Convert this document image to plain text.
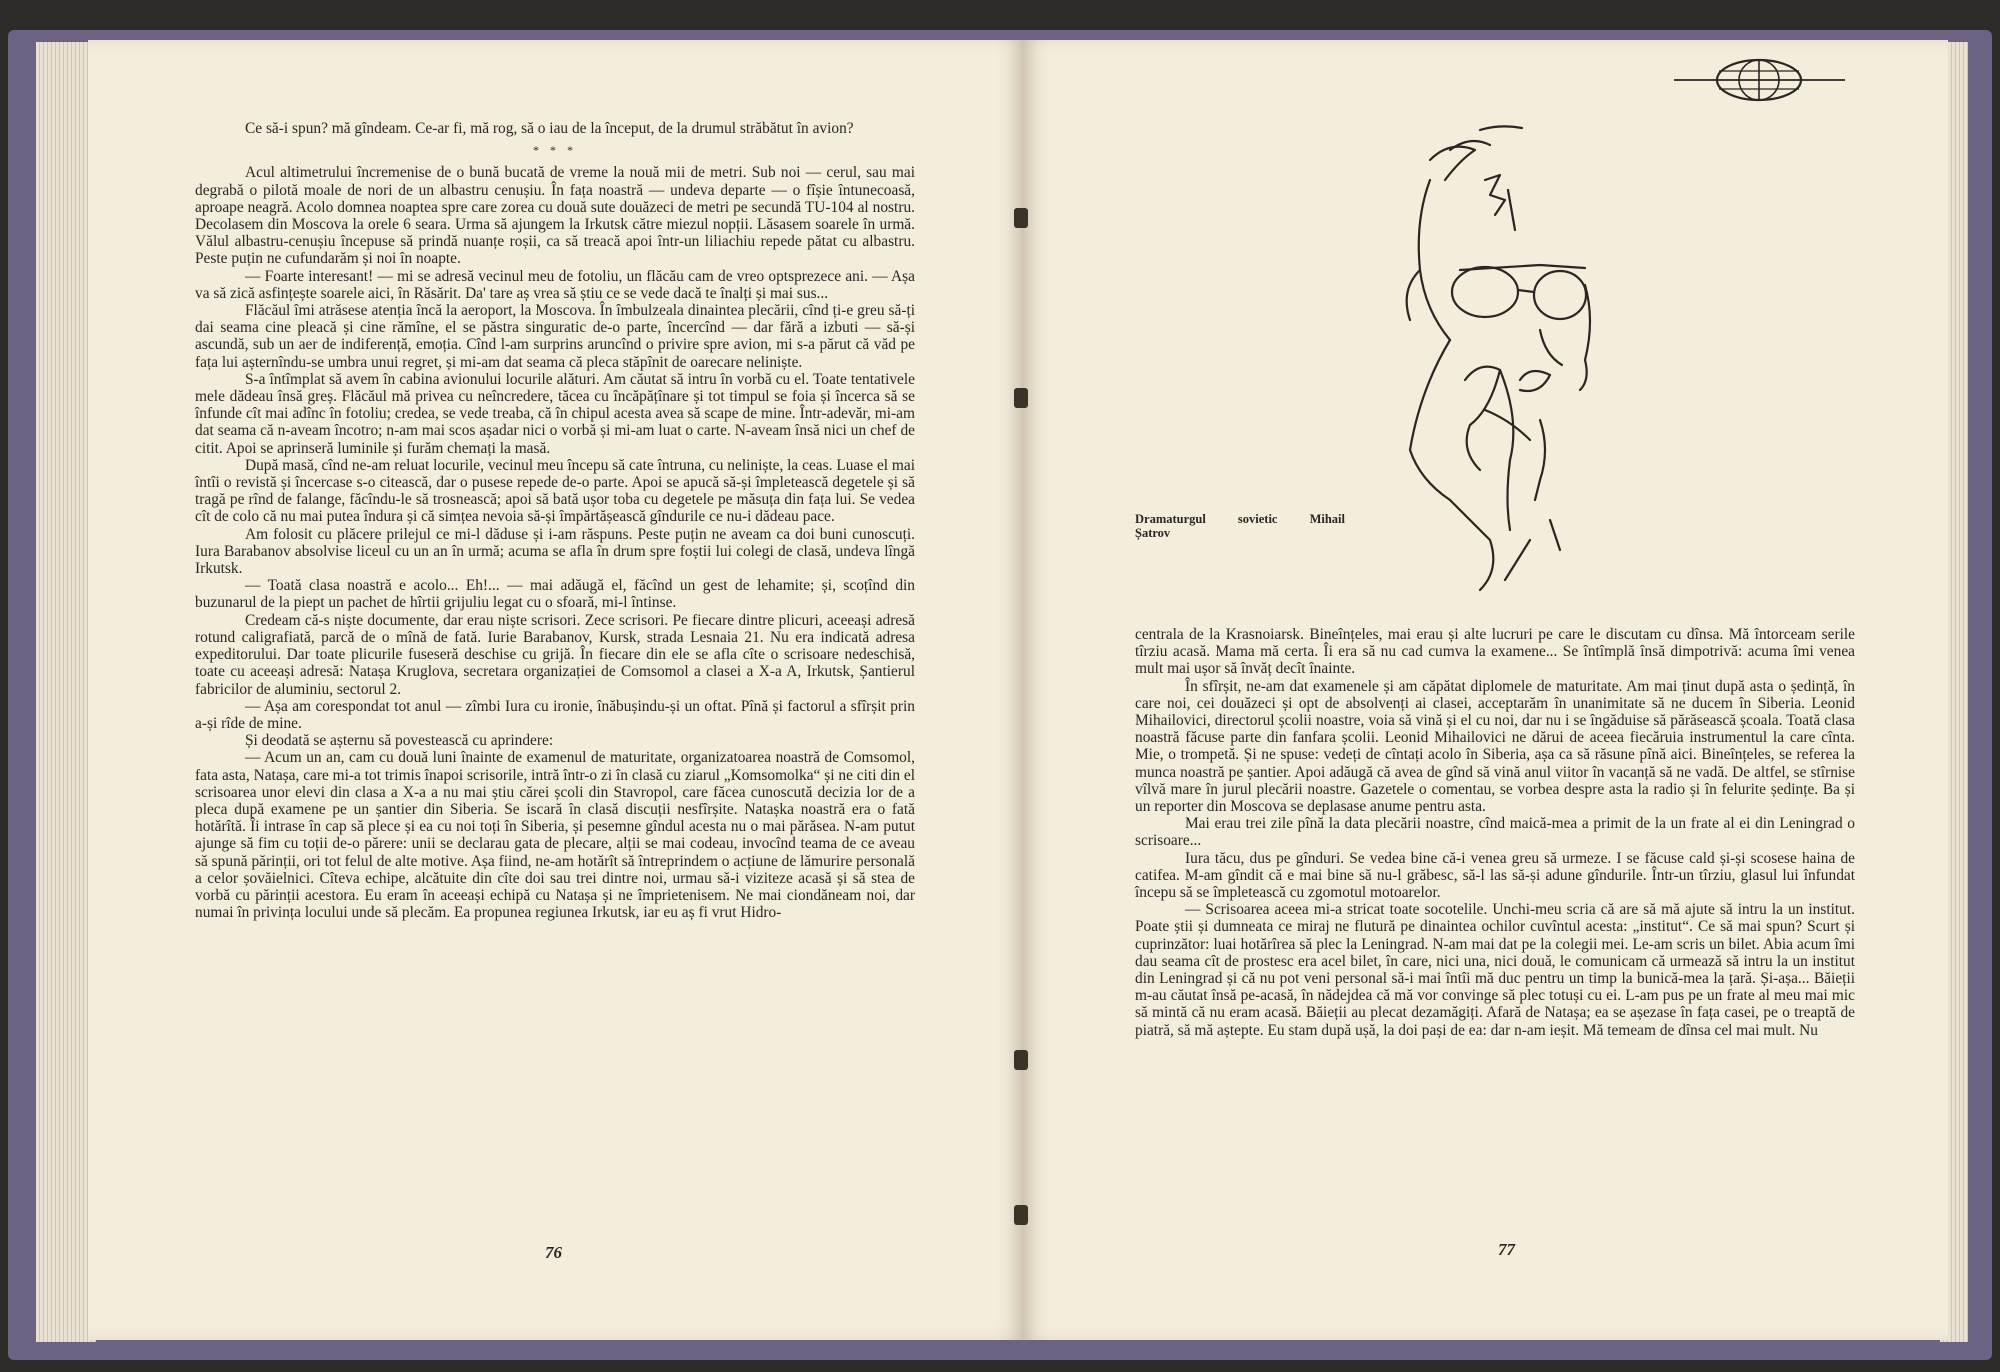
Ce să-i spun? mă gîndeam. Ce-ar fi, mă rog, să o iau de la început, de la drumul străbătut în avion?

* * *

Acul altimetrului încremenise de o bună bucată de vreme la nouă mii de metri. Sub noi — cerul, sau mai degrabă o pilotă moale de nori de un albastru cenușiu. În fața noastră — undeva departe — o fîșie întunecoasă, aproape neagră. Acolo domnea noaptea spre care zorea cu două sute douăzeci de metri pe secundă TU-104 al nostru. Decolasem din Moscova la orele 6 seara. Urma să ajungem la Irkutsk către miezul nopții. Lăsasem soarele în urmă. Vălul albastru-cenușiu începuse să prindă nuanțe roșii, ca să treacă apoi într-un liliachiu repede pătat cu albastru. Peste puțin ne cufundarăm și noi în noapte.

— Foarte interesant! — mi se adresă vecinul meu de fotoliu, un flăcău cam de vreo optsprezece ani. — Așa va să zică asfințește soarele aici, în Răsărit. Da' tare aș vrea să știu ce se vede dacă te înalți și mai sus...

Flăcăul îmi atrăsese atenția încă la aeroport, la Moscova. În îmbulzeala dinaintea plecării, cînd ți-e greu să-ți dai seama cine pleacă și cine rămîne, el se păstra singuratic de-o parte, încercînd — dar fără a izbuti — să-și ascundă, sub un aer de indiferență, emoția. Cînd l-am surprins aruncînd o privire spre avion, mi s-a părut că văd pe fața lui așternîndu-se umbra unui regret, și mi-am dat seama că pleca stăpînit de oarecare neliniște.

S-a întîmplat să avem în cabina avionului locurile alături. Am căutat să intru în vorbă cu el. Toate tentativele mele dădeau însă greș. Flăcăul mă privea cu neîncredere, tăcea cu încăpățînare și tot timpul se foia și încerca să se înfunde cît mai adînc în fotoliu; credea, se vede treaba, că în chipul acesta avea să scape de mine. Într-adevăr, mi-am dat seama că n-aveam încotro; n-am mai scos așadar nici o vorbă și mi-am luat o carte. N-aveam însă nici un chef de citit. Apoi se aprinseră luminile și furăm chemați la masă.

După masă, cînd ne-am reluat locurile, vecinul meu începu să cate întruna, cu neliniște, la ceas. Luase el mai întîi o revistă și încercase s-o citească, dar o pusese repede de-o parte. Apoi se apucă să-și împletească degetele și să tragă pe rînd de falange, făcîndu-le să trosnească; apoi să bată ușor toba cu degetele pe măsuța din fața lui. Se vedea cît de colo că nu mai putea îndura și că simțea nevoia să-și împărtășească gîndurile ce nu-i dădeau pace.

Am folosit cu plăcere prilejul ce mi-l dăduse și i-am răspuns. Peste puțin ne aveam ca doi buni cunoscuți. Iura Barabanov absolvise liceul cu un an în urmă; acuma se afla în drum spre foștii lui colegi de clasă, undeva lîngă Irkutsk.

— Toată clasa noastră e acolo... Eh!... — mai adăugă el, făcînd un gest de lehamite; și, scoțînd din buzunarul de la piept un pachet de hîrtii grijuliu legat cu o sfoară, mi-l întinse.

Credeam că-s niște documente, dar erau niște scrisori. Zece scrisori. Pe fiecare dintre plicuri, aceeași adresă rotund caligrafiată, parcă de o mînă de fată. Iurie Barabanov, Kursk, strada Lesnaia 21. Nu era indicată adresa expeditorului. Dar toate plicurile fuseseră deschise cu grijă. În fiecare din ele se afla cîte o scrisoare nedeschisă, toate cu aceeași adresă: Natașa Kruglova, secretara organizației de Comsomol a clasei a X-a A, Irkutsk, Șantierul fabricilor de aluminiu, sectorul 2.

— Așa am corespondat tot anul — zîmbi Iura cu ironie, înăbușindu-și un oftat. Pînă și factorul a sfîrșit prin a-și rîde de mine.

Și deodată se așternu să povestească cu aprindere:

— Acum un an, cam cu două luni înainte de examenul de maturitate, organizatoarea noastră de Comsomol, fata asta, Natașa, care mi-a tot trimis înapoi scrisorile, intră într-o zi în clasă cu ziarul „Komsomolka“ și ne citi din el scrisoarea unor elevi din clasa a X-a a nu mai știu cărei școli din Stavropol, care făcea cunoscută decizia lor de a pleca după examene pe un șantier din Siberia. Se iscară în clasă discuții nesfîrșite. Natașka noastră era o fată hotărîtă. Îi intrase în cap să plece și ea cu noi toți în Siberia, și pesemne gîndul acesta nu o mai părăsea. N-am putut ajunge să fim cu toții de-o părere: unii se declarau gata de plecare, alții se mai codeau, invocînd teama de ce aveau să spună părinții, ori tot felul de alte motive. Așa fiind, ne-am hotărît să întreprindem o acțiune de lămurire personală a celor șovăielnici. Cîteva echipe, alcătuite din cîte doi sau trei dintre noi, urmau să-i viziteze acasă și să stea de vorbă cu părinții acestora. Eu eram în aceeași echipă cu Natașa și ne împrietenisem. Ne mai ciondăneam noi, dar numai în privința locului unde să plecăm. Ea propunea regiunea Irkutsk, iar eu aș fi vrut Hidro-

76
Dramaturgul	sovietic	Mihail
Șatrov

centrala de la Krasnoiarsk. Bineînțeles, mai erau și alte lucruri pe care le discutam cu dînsa. Mă întorceam serile tîrziu acasă. Mama mă certa. Îi era să nu cad cumva la examene... Se întîmplă însă dimpotrivă: acuma îmi venea mult mai ușor să învăț decît înainte.

În sfîrșit, ne-am dat examenele și am căpătat diplomele de maturitate. Am mai ținut după asta o ședință, în care noi, cei douăzeci și opt de absolvenți ai clasei, acceptarăm în unanimitate să ne ducem în Siberia. Leonid Mihailovici, directorul școlii noastre, voia să vină și el cu noi, dar nu i se îngăduise să părăsească școala. Toată clasa noastră făcuse parte din fanfara școlii. Leonid Mihailovici ne dărui de aceea fiecăruia instrumentul la care cînta. Mie, o trompetă. Și ne spuse: vedeți de cîntați acolo în Siberia, așa ca să răsune pînă aici. Bineînțeles, se referea la munca noastră pe șantier. Apoi adăugă că avea de gînd să vină anul viitor în vacanță să ne vadă. De altfel, se stîrnise vîlvă mare în jurul plecării noastre. Gazetele o comentau, se vorbea despre asta la radio și în felurite ședințe. Ba și un reporter din Moscova se deplasase anume pentru asta.

Mai erau trei zile pînă la data plecării noastre, cînd maică-mea a primit de la un frate al ei din Leningrad o scrisoare...

Iura tăcu, dus pe gînduri. Se vedea bine că-i venea greu să urmeze. I se făcuse cald și-și scosese haina de catifea. M-am gîndit că e mai bine să nu-l grăbesc, să-l las să-și adune gîndurile. Într-un tîrziu, glasul lui înfundat începu să se împletească cu zgomotul motoarelor.

— Scrisoarea aceea mi-a stricat toate socotelile. Unchi-meu scria că are să mă ajute să intru la un institut. Poate știi și dumneata ce miraj ne flutură pe dinaintea ochilor cuvîntul acesta: „institut“. Ce să mai spun? Scurt și cuprinzător: luai hotărîrea să plec la Leningrad. N-am mai dat pe la colegii mei. Le-am scris un bilet. Abia acum îmi dau seama cît de prostesc era acel bilet, în care, nici una, nici două, le comunicam că urmează să intru la un institut din Leningrad și că nu pot veni personal să-i mai întîi mă duc pentru un timp la bunică-mea la țară. Și-așa... Băieții m-au căutat însă pe-acasă, în nădejdea că mă vor convinge să plec totuși cu ei. L-am pus pe un frate al meu mai mic să mintă că nu eram acasă. Băieții au plecat dezamăgiți. Afară de Natașa; ea se așezase în fața casei, pe o treaptă de piatră, să mă aștepte. Eu stam după ușă, la doi pași de ea: dar n-am ieșit. Mă temeam de dînsa cel mai mult. Nu

77
